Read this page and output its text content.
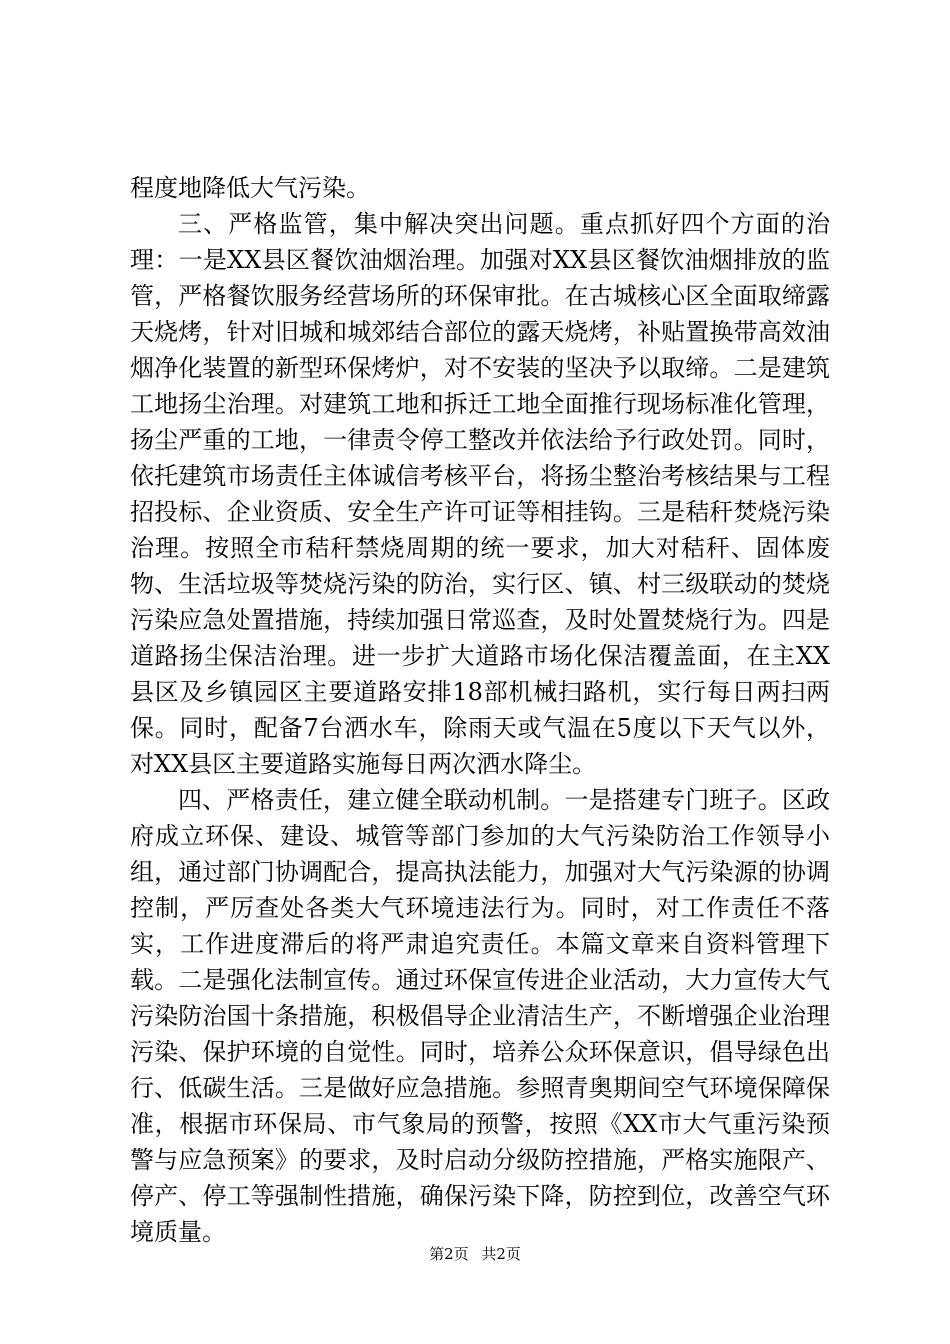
程度地降低大气污染。

三、严格监管，集中解决突出问题。重点抓好四个方面的治理：一是XX县区餐饮油烟治理。加强对XX县区餐饮油烟排放的监管，严格餐饮服务经营场所的环保审批。在古城核心区全面取缔露天烧烤，针对旧城和城郊结合部位的露天烧烤，补贴置换带高效油烟净化装置的新型环保烤炉，对不安装的坚决予以取缔。二是建筑工地扬尘治理。对建筑工地和拆迁工地全面推行现场标准化管理，扬尘严重的工地，一律责令停工整改并依法给予行政处罚。同时，依托建筑市场责任主体诚信考核平台，将扬尘整治考核结果与工程招投标、企业资质、安全生产许可证等相挂钩。三是秸秆焚烧污染治理。按照全市秸秆禁烧周期的统一要求，加大对秸秆、固体废物、生活垃圾等焚烧污染的防治，实行区、镇、村三级联动的焚烧污染应急处置措施，持续加强日常巡查，及时处置焚烧行为。四是道路扬尘保洁治理。进一步扩大道路市场化保洁覆盖面，在主XX县区及乡镇园区主要道路安排18部机械扫路机，实行每日两扫两保。同时，配备7台洒水车，除雨天或气温在5度以下天气以外，对XX县区主要道路实施每日两次洒水降尘。

四、严格责任，建立健全联动机制。一是搭建专门班子。区政府成立环保、建设、城管等部门参加的大气污染防治工作领导小组，通过部门协调配合，提高执法能力，加强对大气污染源的协调控制，严厉查处各类大气环境违法行为。同时，对工作责任不落实，工作进度滞后的将严肃追究责任。本篇文章来自资料管理下载。二是强化法制宣传。通过环保宣传进企业活动，大力宣传大气污染防治国十条措施，积极倡导企业清洁生产，不断增强企业治理污染、保护环境的自觉性。同时，培养公众环保意识，倡导绿色出行、低碳生活。三是做好应急措施。参照青奥期间空气环境保障保准，根据市环保局、市气象局的预警，按照《XX市大气重污染预警与应急预案》的要求，及时启动分级防控措施，严格实施限产、停产、停工等强制性措施，确保污染下降，防控到位，改善空气环境质量。

第2页 共2页
